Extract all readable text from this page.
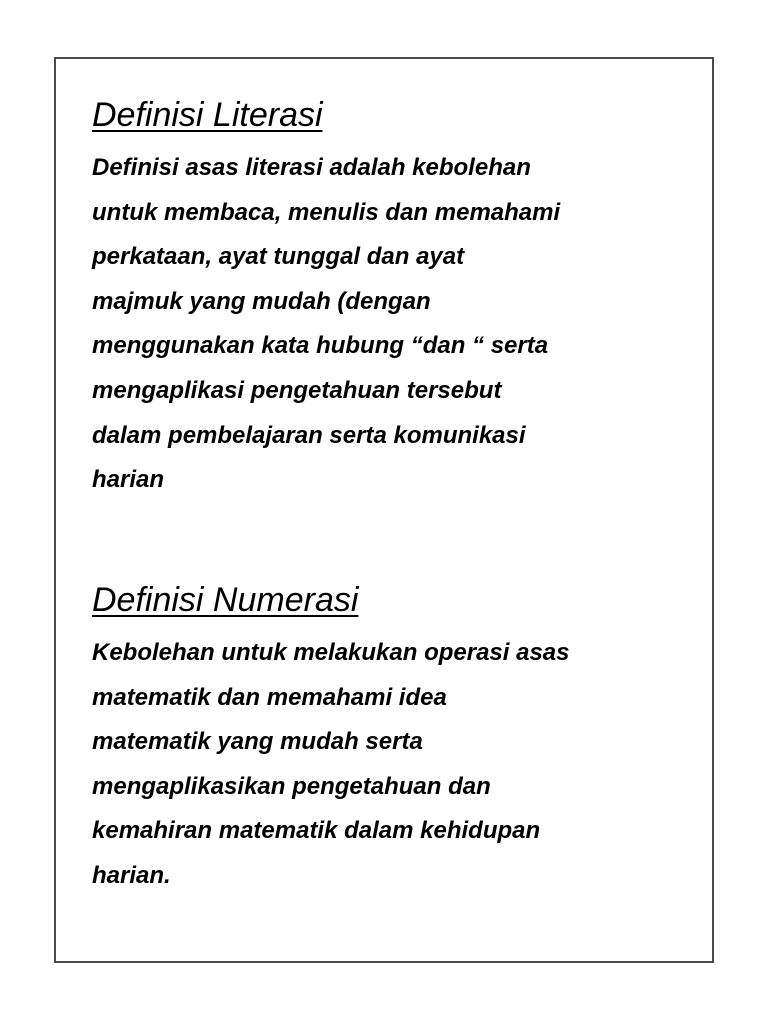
Definisi Literasi

Definisi asas literasi adalah kebolehan
untuk membaca, menulis dan memahami
perkataan, ayat tunggal dan ayat
majmuk yang mudah (dengan
menggunakan kata hubung “dan “ serta
mengaplikasi pengetahuan tersebut
dalam pembelajaran serta komunikasi
harian

Definisi Numerasi

Kebolehan untuk melakukan operasi asas
matematik dan memahami idea
matematik yang mudah serta
mengaplikasikan pengetahuan dan
kemahiran matematik dalam kehidupan
harian.
